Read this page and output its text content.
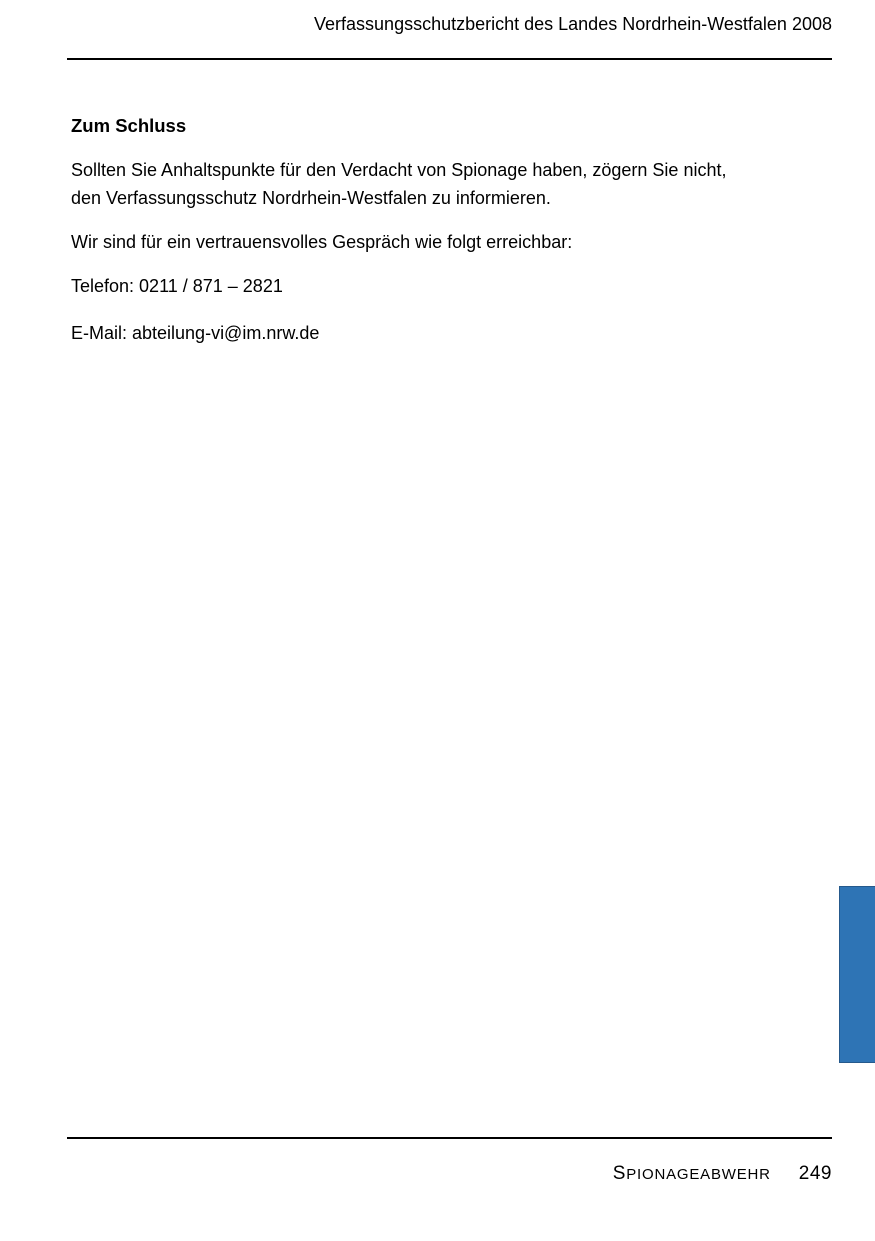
Verfassungsschutzbericht des Landes Nordrhein-Westfalen 2008
Zum Schluss
Sollten Sie Anhaltspunkte für den Verdacht von Spionage haben, zögern Sie nicht,
den Verfassungsschutz Nordrhein-Westfalen zu informieren.
Wir sind für ein vertrauensvolles Gespräch wie folgt erreichbar:
Telefon: 0211 / 871 – 2821
E-Mail: abteilung-vi@im.nrw.de
SPIONAGEABWEHR 249
